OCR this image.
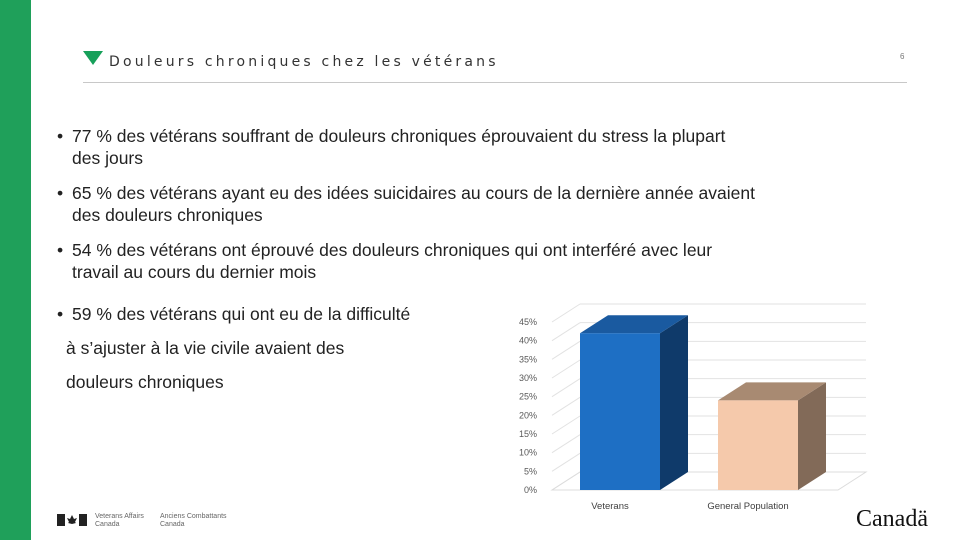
Douleurs chroniques chez les vétérans	6
• 77 % des vétérans souffrant de douleurs chroniques éprouvaient du stress la plupart
des jours
• 65 % des vétérans ayant eu des idées suicidaires au cours de la dernière année avaient
des douleurs chroniques
• 54 % des vétérans ont éprouvé des douleurs chroniques qui ont interféré avec leur
travail au cours du dernier mois
• 59 % des vétérans qui ont eu de la difficulté
à s’ajuster à la vie civile avaient des
douleurs chroniques
0%
5%
10%
15%
20%
25%
30%
35%
40%
45%
Veterans	General Population
Veterans Affairs
Canada
Anciens Combattants
Canada	Canadä
